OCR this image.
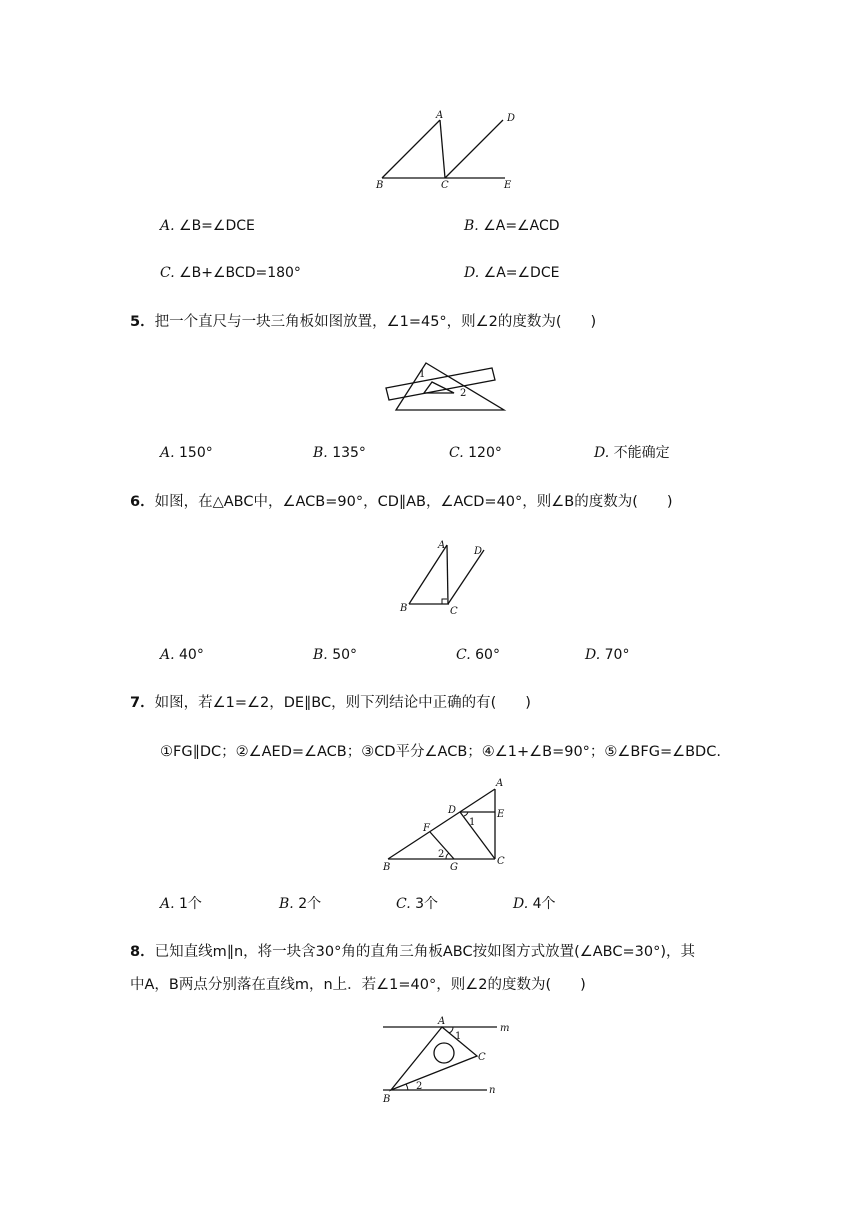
A
B	C
D
E
A. ∠B=∠DCE	B. ∠A=∠ACD
C. ∠B+∠BCD=180°	D. ∠A=∠DCE
5．把一个直尺与一块三角板如图放置，∠1=45°，则∠2的度数为(　　)
1
2
A. 150°	B. 135°	C. 120°	D. 不能确定
6．如图，在△ABC中，∠ACB=90°，CD∥AB，∠ACD=40°，则∠B的度数为(　　)
A
B	C
D
A. 40°	B. 50°	C. 60°	D. 70°
7．如图，若∠1=∠2，DE∥BC，则下列结论中正确的有(　　)
①FG∥DC；②∠AED=∠ACB；③CD平分∠ACB；④∠1+∠B=90°；⑤∠BFG=∠BDC.
A
B
C
D	E
F
G
1
2
A. 1个	B. 2个	C. 3个	D. 4个
8．已知直线m∥n，将一块含30°角的直角三角板ABC按如图方式放置(∠ABC=30°)，其
中A，B两点分别落在直线m，n上．若∠1=40°，则∠2的度数为(　　)
A
B
C
m
n
1
2
